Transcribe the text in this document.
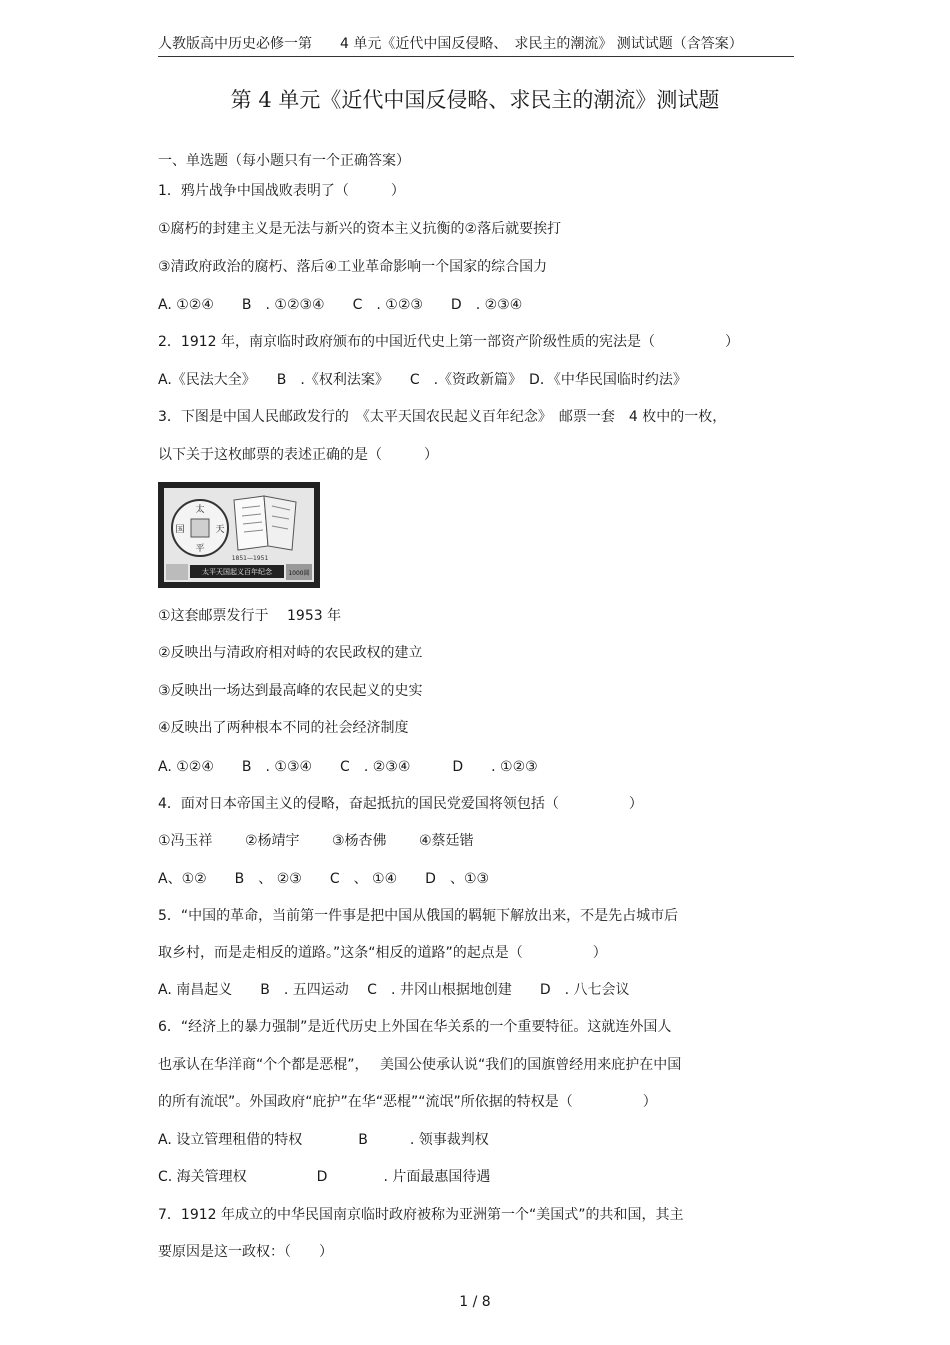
人教版高中历史必修一第　　4 单元《近代中国反侵略、　求民主的潮流》 测试试题（含答案）
第 4 单元《近代中国反侵略、求民主的潮流》测试题
一、单选题（每小题只有一个正确答案）
1．鸦片战争中国战败表明了（　　　）
①腐朽的封建主义是无法与新兴的资本主义抗衡的②落后就要挨打
③清政府政治的腐朽、落后④工业革命影响一个国家的综合国力
A. ①②④　　B　. ①②③④　　C　. ①②③　　D　. ②③④
2．1912 年，南京临时政府颁布的中国近代史上第一部资产阶级性质的宪法是（　　　　　）
A.《民法大全》　　B　.《权利法案》　　C　.《资政新篇》　D．《中华民国临时约法》
3．下图是中国人民邮政发行的　《太平天国农民起义百年纪念》　邮票一套　4 枚中的一枚，
以下关于这枚邮票的表述正确的是（　　　）
太
天
国
平
1851—1951
太平天国起义百年纪念	1000圆
①这套邮票发行于　 1953 年
②反映出与清政府相对峙的农民政权的建立
③反映出一场达到最高峰的农民起义的史实
④反映出了两种根本不同的社会经济制度
A. ①②④　　B　. ①③④　　C　. ②③④　　　D　　. ①②③
4．面对日本帝国主义的侵略，奋起抵抗的国民党爱国将领包括（　　　　　）
①冯玉祥　　 ②杨靖宇　　 ③杨杏佛　　 ④蔡廷锴
A、①②　　B　、 ②③　　C　、 ①④　　D　、①③
5．“中国的革命，当前第一件事是把中国从俄国的羁轭下解放出来，不是先占城市后
取乡村，而是走相反的道路。”这条“相反的道路”的起点是（　　　　　）
A. 南昌起义　　B　. 五四运动　 C　. 井冈山根据地创建　　D　. 八七会议
6．“经济上的暴力强制”是近代历史上外国在华关系的一个重要特征。这就连外国人
也承认在华洋商“个个都是恶棍”，　 美国公使承认说“我们的国旗曾经用来庇护在中国
的所有流氓”。外国政府“庇护”在华“恶棍”“流氓”所依据的特权是（　　　　　）
A. 设立管理租借的特权　　　　B　　　. 领事裁判权
C. 海关管理权　　　　　D　　　　. 片面最惠国待遇
7．1912 年成立的中华民国南京临时政府被称为亚洲第一个“美国式”的共和国，其主
要原因是这一政权：（　　）
1 / 8
